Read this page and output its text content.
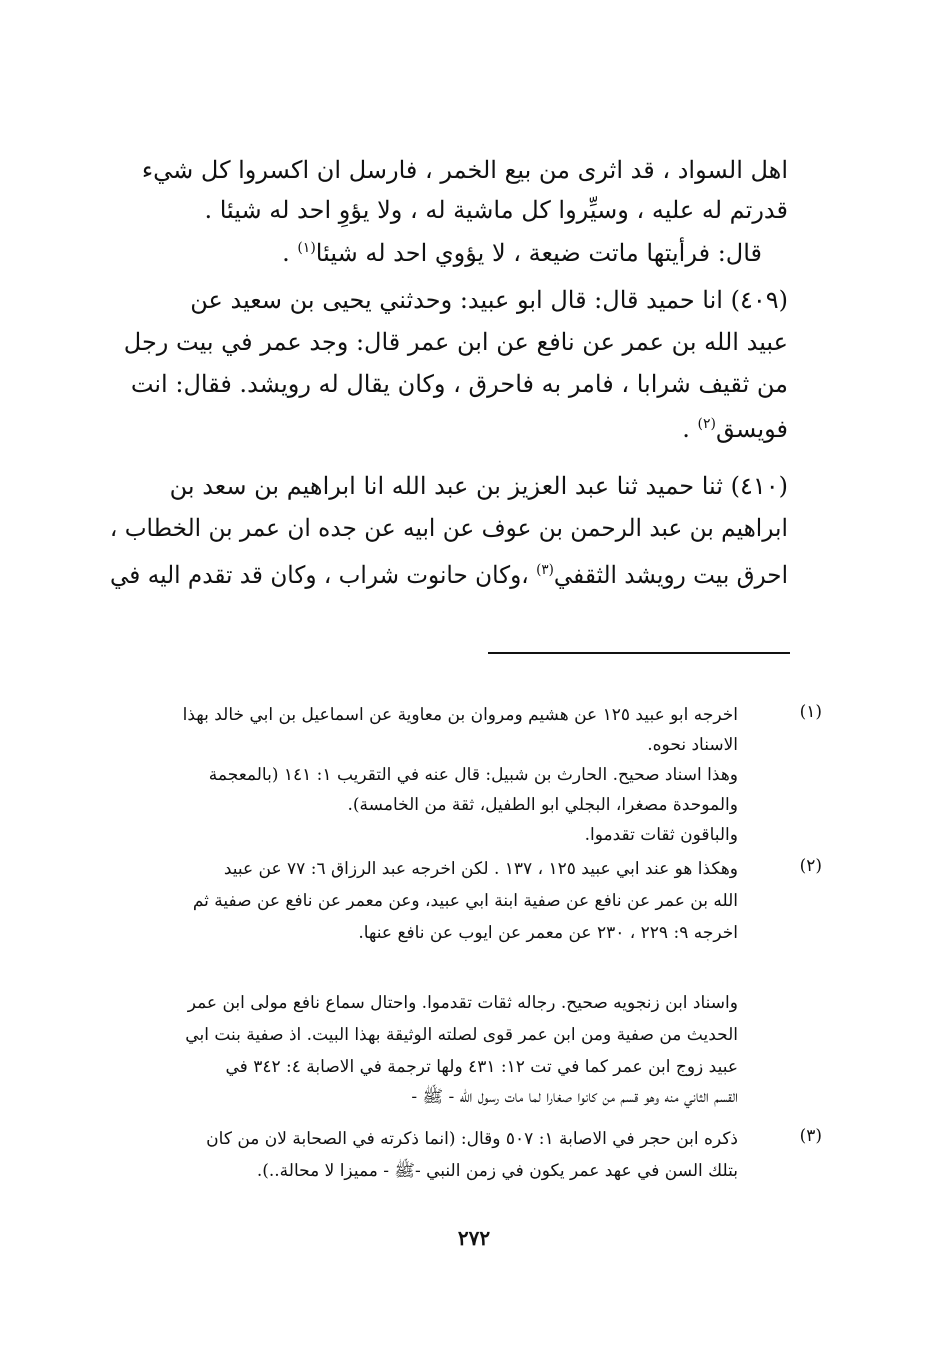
اهل السواد ، قد اثرى من بيع الخمر ، فارسل ان اكسروا كل شيء
قدرتم له عليه ، وسيِّروا كل ماشية له ، ولا يؤوِ احد له شيئا .
قال: فرأيتها ماتت ضيعة ، لا يؤوي احد له شيئا$^{(١)}$ .
(٤٠٩) انا حميد قال: قال ابو عبيد: وحدثني يحيى بن سعيد عن
عبيد الله بن عمر عن نافع عن ابن عمر قال: وجد عمر في بيت رجل
من ثقيف شرابا ، فامر به فاحرق ، وكان يقال له رويشد. فقال: انت
فويسق$^{(٢)}$ .
(٤١٠) ثنا حميد ثنا عبد العزيز بن عبد الله انا ابراهيم بن سعد بن
ابراهيم بن عبد الرحمن بن عوف عن ابيه عن جده ان عمر بن الخطاب ،
احرق بيت رويشد الثقفي$^{(٣)}$ ،وكان حانوت شراب ، وكان قد تقدم اليه في
(١)
اخرجه ابو عبيد ١٢٥ عن هشيم ومروان بن معاوية عن اسماعيل بن ابي خالد بهذا
الاسناد نحوه.
وهذا اسناد صحيح. الحارث بن شبيل: قال عنه في التقريب ١: ١٤١ (بالمعجمة
والموحدة مصغرا، البجلي ابو الطفيل، ثقة من الخامسة).
والباقون ثقات تقدموا.
(٢)
وهكذا هو عند ابي عبيد ١٢٥ ، ١٣٧ . لكن اخرجه عبد الرزاق ٦: ٧٧ عن عبيد
الله بن عمر عن نافع عن صفية ابنة ابي عبيد، وعن معمر عن نافع عن صفية ثم
اخرجه ٩: ٢٢٩ ، ٢٣٠ عن معمر عن ايوب عن نافع عنها.
واسناد ابن زنجويه صحيح. رجاله ثقات تقدموا. واحتال سماع نافع مولى ابن عمر
الحديث من صفية ومن ابن عمر قوى لصلته الوثيقة بهذا البيت. اذ صفية بنت ابي
عبيد زوج ابن عمر كما في تت ١٢: ٤٣١ ولها ترجمة في الاصابة ٤: ٣٤٢ في
القسم الثاني منه وهو قسم من كانوا صغارا لما مات رسول الله - ﷺ -
(٣)
ذكره ابن حجر في الاصابة ١: ٥٠٧ وقال: (انما ذكرته في الصحابة لان من كان
بتلك السن في عهد عمر يكون في زمن النبي -ﷺ - مميزا لا محالة..).
٢٧٢
